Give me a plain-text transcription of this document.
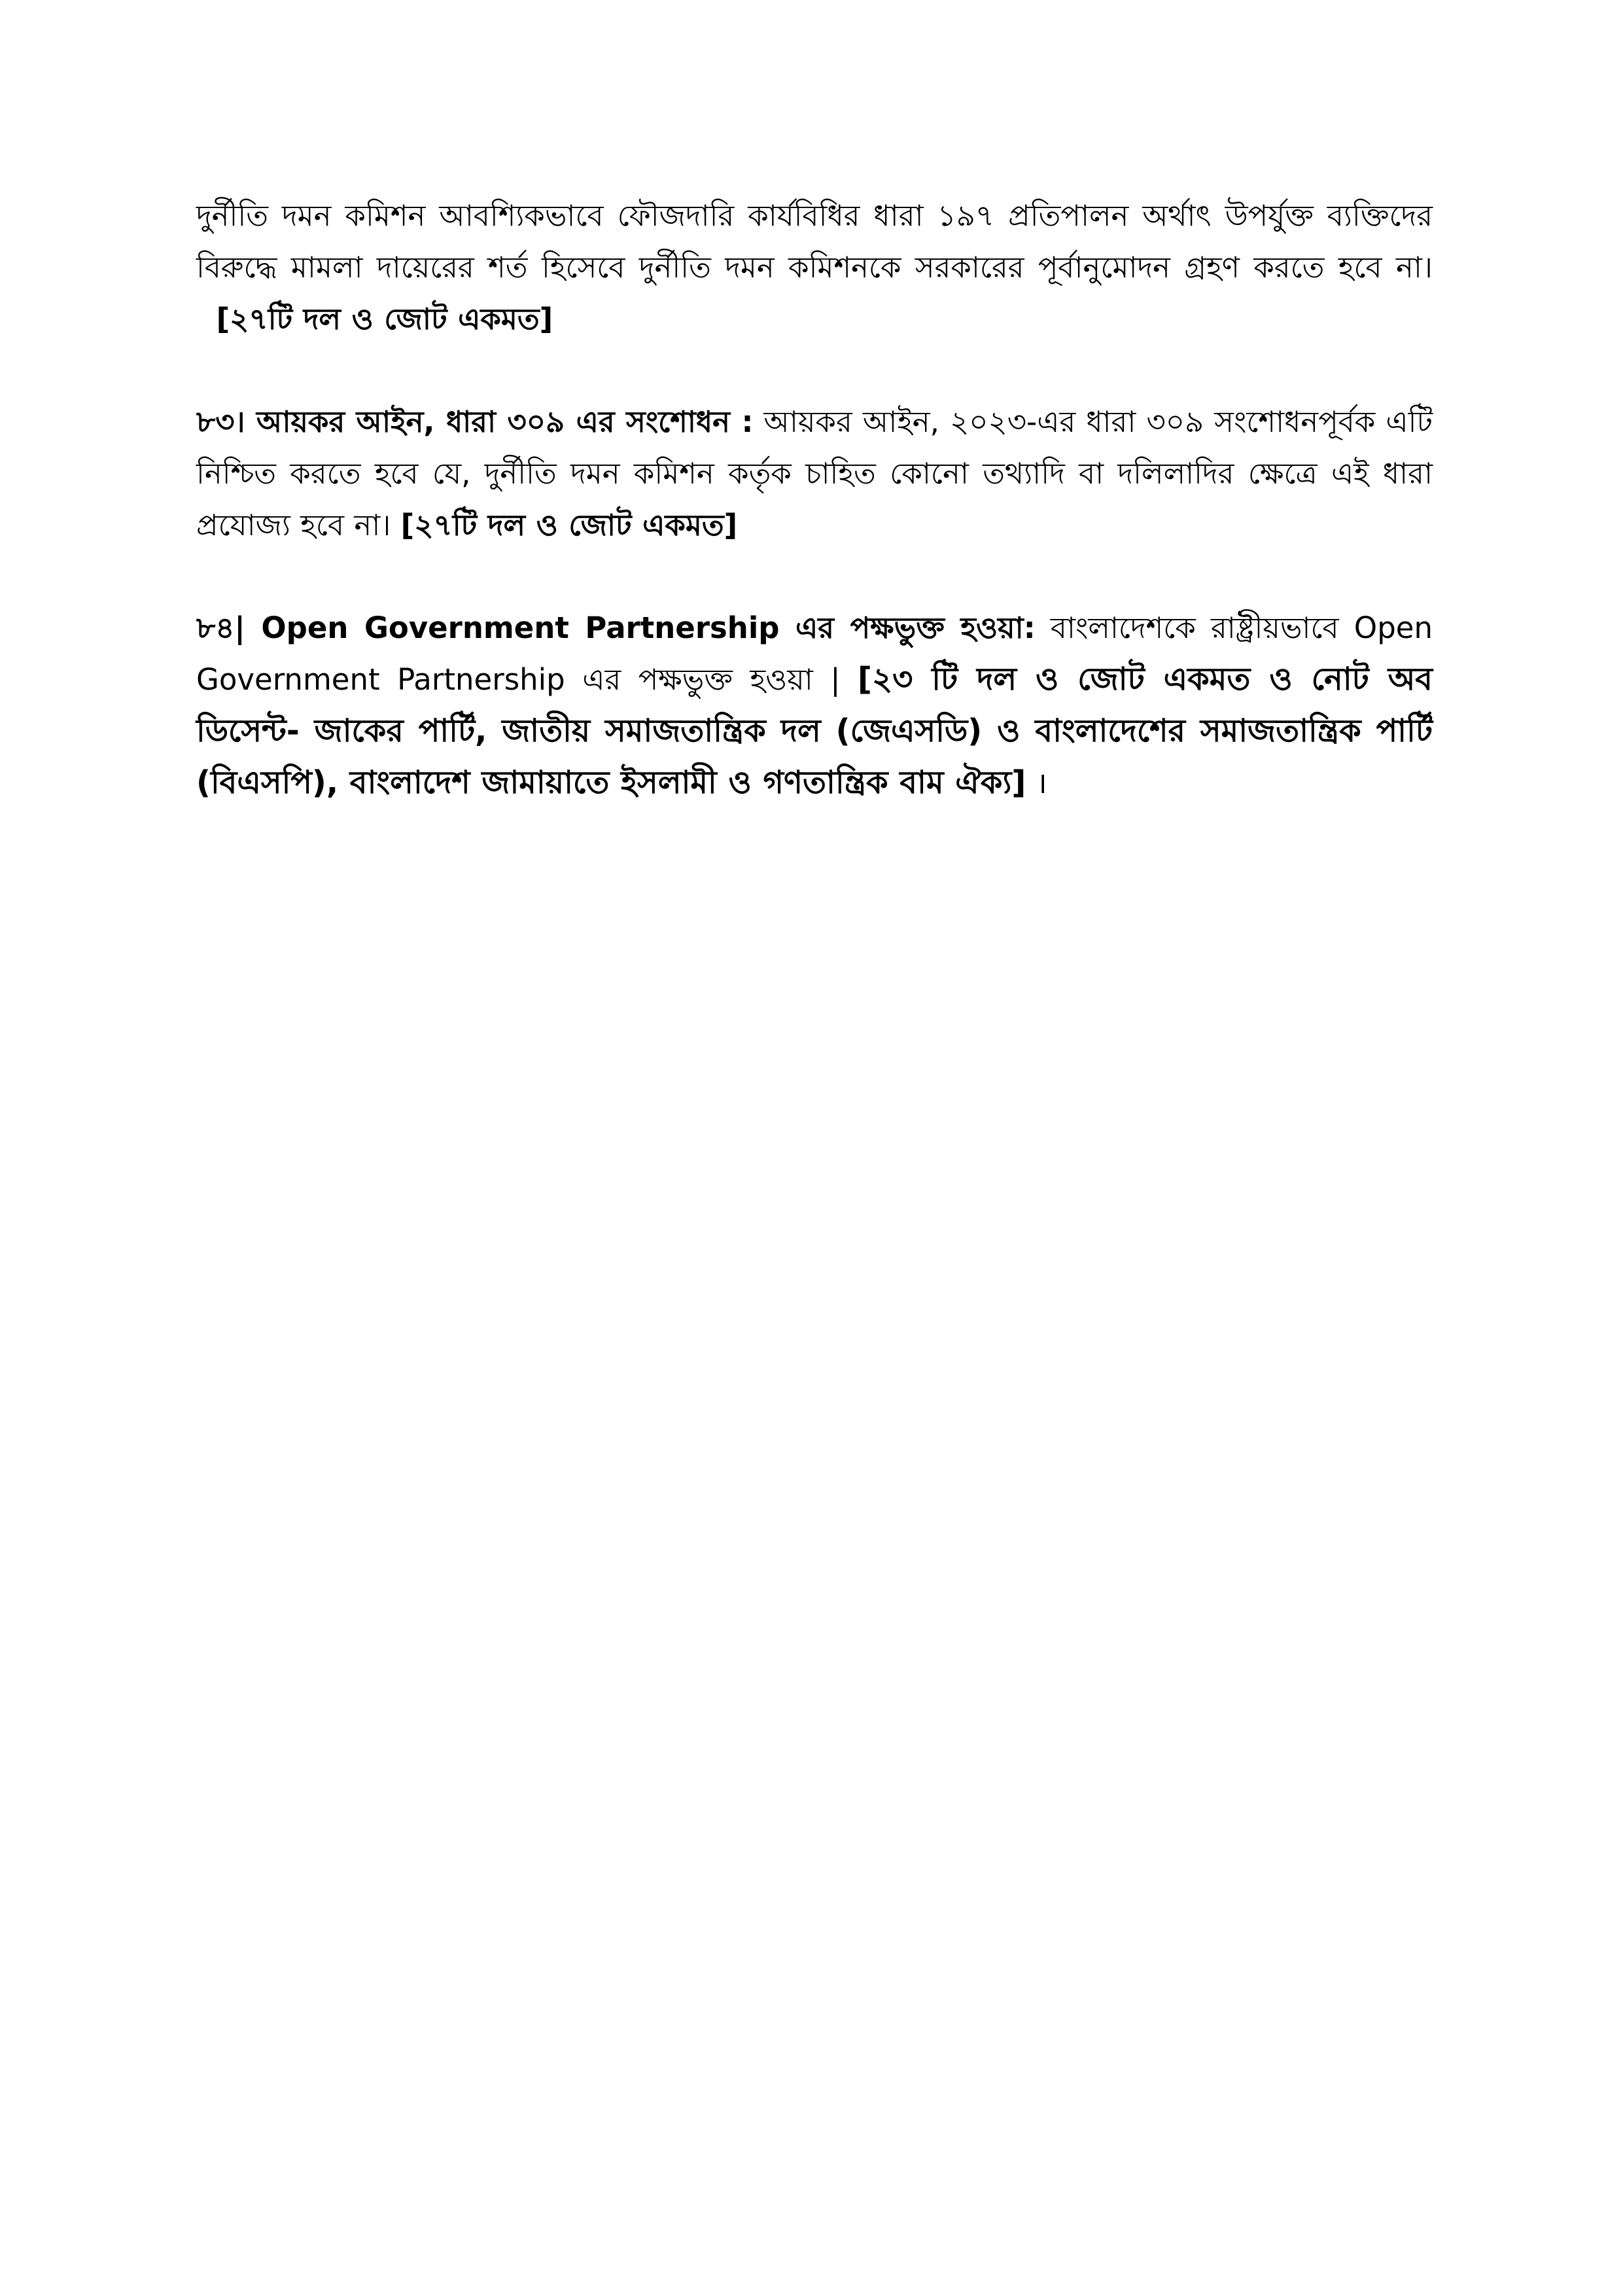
দুর্নীতি দমন কমিশন আবশ্যিকভাবে ফৌজদারি কার্যবিধির ধারা ১৯৭ প্রতিপালন অর্থাৎ উপর্যুক্ত ব্যক্তিদের বিরুদ্ধে মামলা দায়েরের শর্ত হিসেবে দুর্নীতি দমন কমিশনকে সরকারের পূর্বানুমোদন গ্রহণ করতে হবে না।   [২৭টি দল ও জোট একমত]

৮৩। আয়কর আইন, ধারা ৩০৯ এর সংশোধন : আয়কর আইন, ২০২৩-এর ধারা ৩০৯ সংশোধনপূর্বক এটি নিশ্চিত করতে হবে যে, দুর্নীতি দমন কমিশন কর্তৃক চাহিত কোনো তথ্যাদি বা দলিলাদির ক্ষেত্রে এই ধারা প্রযোজ্য হবে না। [২৭টি দল ও জোট একমত]

৮৪| Open Government Partnership এর পক্ষভুক্ত হওয়া: বাংলাদেশকে রাষ্ট্রীয়ভাবে Open Government Partnership এর পক্ষভুক্ত হওয়া | [২৩ টি দল ও জোট একমত ও নোট অব ডিসেন্ট- জাকের পার্টি, জাতীয় সমাজতান্ত্রিক দল (জেএসডি) ও বাংলাদেশের সমাজতান্ত্রিক পার্টি (বিএসপি), বাংলাদেশ জামায়াতে ইসলামী ও গণতান্ত্রিক বাম ঐক্য] ।
